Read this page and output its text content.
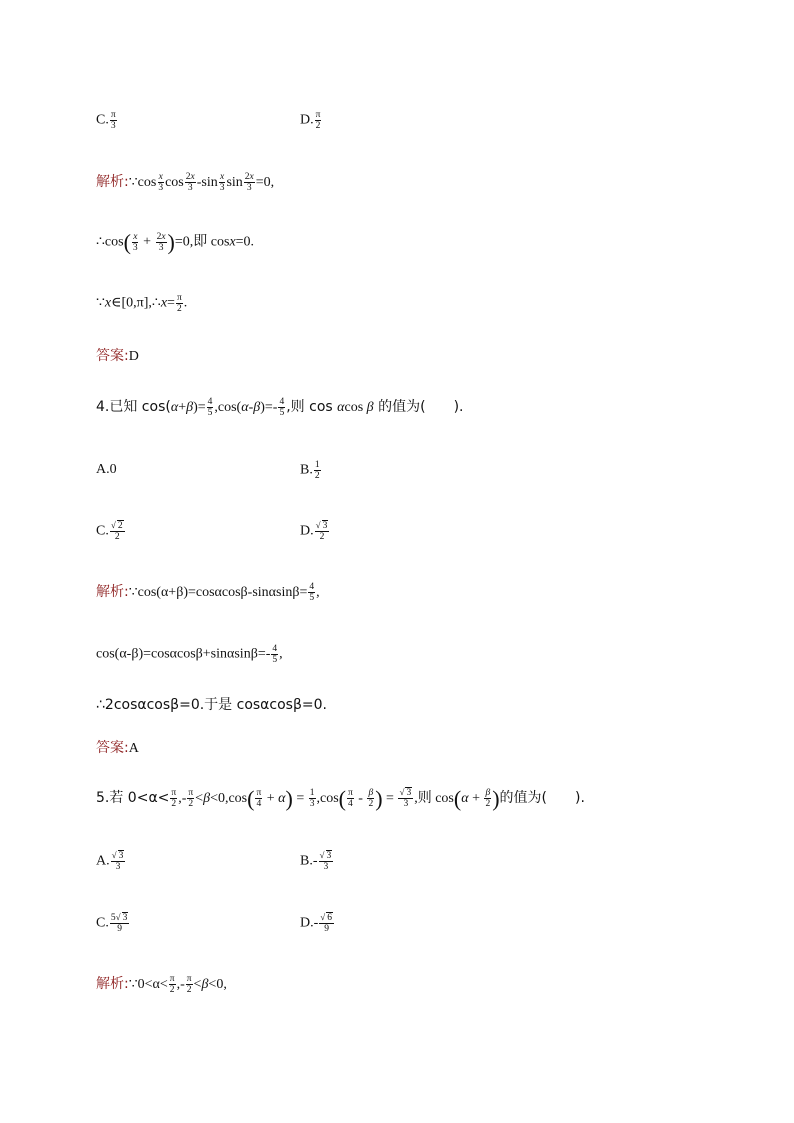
C. $\frac{\pi}{3}$	D. $\frac{\pi}{2}$
解析:∵cos $\frac{x}{3}$ $\cos \frac{2x}{3} -\sin \frac{x}{3}$ $\sin \frac{2x}{3} =0$,
∴cos( $\frac{x}{3} + \frac{2x}{3} )=0$,即 cosx=0.
∵x∈[0,π],∴x= $\frac{\pi}{2}$ .
答案:D
4.已知 $\cos(\alpha+\beta)= \frac{4}{5} ,\cos(\alpha-\beta)=- \frac{4}{5}$ ,则 cos αcos β 的值为(　　).
A.0	B. $\frac{1}{2}$
C. √ $\frac{2}{2}$	D. √ $\frac{3}{2}$
解析:∵cos(α+β)=cosαcosβ-sinαsinβ= $\frac{4}{5}$ ,
$\cos(\alpha-\beta)=\cos\alpha\cos\beta+\sin\alpha\sin\beta=- \frac{4}{5}$ ,
∴2cosαcosβ=0.于是 cosαcosβ=0.
答案:A
5.若 $0<\alpha< \frac{\pi}{2}$ ,- $\frac{\pi}{2} <\beta<0,\cos( \frac{\pi}{4} + \alpha) = \frac{1}{3} ,\cos( \frac{\pi}{4} - \frac{\beta}{2}$ ) = √ $\frac{3}{3}$ ,则 $\cos(\alpha + \frac{\beta}{2}$ )的值为(　　).
A. √ $\frac{3}{3}$	B.- √ $\frac{3}{3}$
C. $\frac{5 √ 3}{9}$	D.- √ $\frac{6}{9}$
解析:∵0<α< $\frac{\pi}{2}$ ,- $\frac{\pi}{2} <\beta<0$,
